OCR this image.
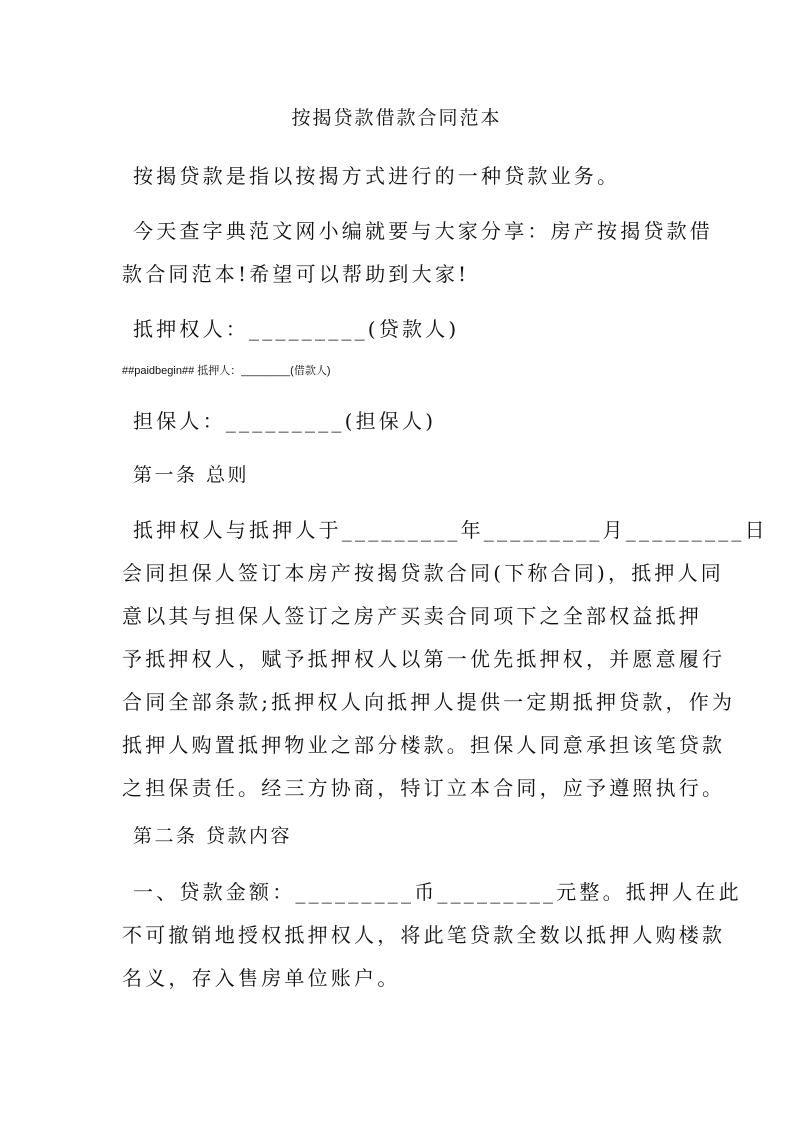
按揭贷款借款合同范本
按揭贷款是指以按揭方式进行的一种贷款业务。
今天查字典范文网小编就要与大家分享：房产按揭贷款借
款合同范本!希望可以帮助到大家!
抵押权人：_________(贷款人)
##paidbegin## 抵押人：________(借款人)
担保人：_________(担保人)
第一条 总则
抵押权人与抵押人于_________年_________月_________日
会同担保人签订本房产按揭贷款合同(下称合同)，抵押人同
意以其与担保人签订之房产买卖合同项下之全部权益抵押
予抵押权人，赋予抵押权人以第一优先抵押权，并愿意履行
合同全部条款;抵押权人向抵押人提供一定期抵押贷款，作为
抵押人购置抵押物业之部分楼款。担保人同意承担该笔贷款
之担保责任。经三方协商，特订立本合同，应予遵照执行。
第二条 贷款内容
一、贷款金额：_________币_________元整。抵押人在此
不可撤销地授权抵押权人，将此笔贷款全数以抵押人购楼款
名义，存入售房单位账户。
